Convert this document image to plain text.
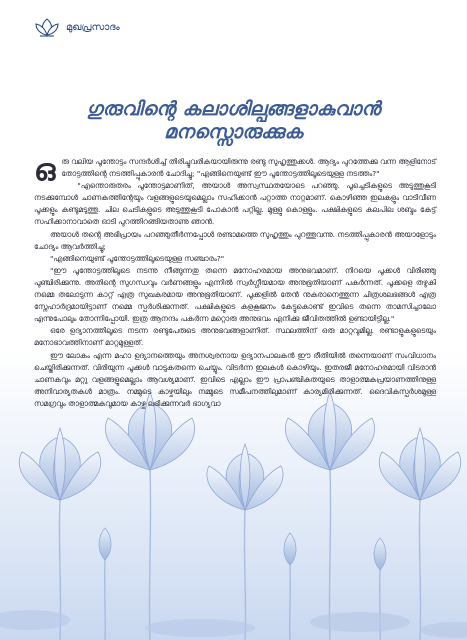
മുഖപ്രസാദം
ഗുരുവിന്റെ കലാശില്പങ്ങളാകുവാൻ
മനസ്സൊരുക്കുക

ഒരു വലിയ പൂന്തോട്ടം സന്ദർശിച്ച് തിരിച്ചുവരികയായിരുന്നു രണ്ടു സുഹൃത്തുക്കൾ. ആദ്യം പുറത്തേക്കു വന്ന ആളിനോട് തോട്ടത്തിന്റെ നടത്തിപ്പുകാരൻ ചോദിച്ചു; "എങ്ങിനെയുണ്ട് ഈ പൂന്തോട്ടത്തിലൂടെയുള്ള നടത്തം?"

"എന്തൊരുതരം പൂന്തോട്ടമാണിത്, അയാൾ അസ്വസ്ഥതയോടെ പറഞ്ഞു. പൂച്ചെടികളുടെ അടുത്തുകൂടി നടക്കുമ്പോൾ ചാണകത്തിന്റേയും വളങ്ങളുടെയുമെല്ലാം സഹിക്കാൻ പറ്റാത്ത നാറ്റമാണ്. കൊഴിഞ്ഞ ഇലകളും വാടിവീണ പൂക്കളും കണ്ടുമടുത്തു. ചില ചെടികളുടെ അടുത്തുകൂടി പോകാൻ പറ്റില്ല. മുള്ളു കൊള്ളും. പക്ഷികളുടെ കലപില ശബ്ദം കേട്ട് സഹിക്കാനാവാതെ ഓടി പുറത്തിറങ്ങിയതാണു ഞാൻ.

അയാൾ തന്റെ അഭിപ്രായം പറഞ്ഞുതീർന്നപ്പോൾ രണ്ടാമത്തെ സുഹൃത്തും പുറത്തുവന്നു. നടത്തിപ്പുകാരൻ അയാളോടും ചോദ്യം ആവർത്തിച്ചു;

"എങ്ങിനെയുണ്ട് പൂന്തോട്ടത്തിലൂടെയുള്ള സഞ്ചാരം?"

"ഈ പൂന്തോട്ടത്തിലൂടെ നടന്നു നീങ്ങുന്നതു തന്നെ മനോഹരമായ അനുഭവമാണ്. നിറയെ പൂക്കൾ വിരിഞ്ഞു പുഞ്ചിരിക്കുന്നു. അതിന്റെ സുഗന്ധവും വർണങ്ങളും എന്നിൽ സ്വർഗ്ഗീയമായ അനുഭൂതിയാണ് പകർന്നത്. പൂക്കളെ തഴുകി നമ്മെ തലോടുന്ന കാറ്റ് എത്ര സുഖകരമായ അനുഭൂതിയാണ്. പൂക്കളിൽ തേൻ നുകരാനെത്തുന്ന ചിത്രശലഭങ്ങൾ എത്ര സ്നേഹാർദ്രമായിട്ടാണ് നമ്മെ സ്പർശിക്കുന്നത്. പക്ഷികളുടെ കളകൂജനം കേട്ടുകൊണ്ട് ഇവിടെ തന്നെ താമസിച്ചാലോ എന്നുപോലും തോന്നിപ്പോയി. ഇത്ര ആനന്ദം പകർന്ന മറ്റൊരു അനുഭവം എനിക്കു ജീവിതത്തിൽ ഉണ്ടായിട്ടില്ല."

ഒരേ ഉദ്യാനത്തിലൂടെ നടന്ന രണ്ടുപേരുടെ അനുഭവങ്ങളാണിത്. സ്ഥലത്തിന് ഒരു മാറ്റവുമില്ല. രണ്ടാളുകളുടെയും മനോഭാവത്തിനാണ് മാറ്റമുള്ളത്.

ഈ ലോകം എന്ന മഹാ ഉദ്യാനത്തെയും അനശ്വരനായ ഉദ്യാനപാലകൻ ഈ രീതിയിൽ തന്നെയാണ് സംവിധാനം ചെയ്തിരിക്കുന്നത്. വിരിയുന്ന പൂക്കൾ വാടുകതന്നെ ചെയ്യും. വിടർന്ന ഇലകൾ കൊഴിയും. ഇതരജീ മനോഹരമായി വിടരാൻ ചാണകവും മറ്റു വളങ്ങളുമെല്ലാം ആവശ്യമാണ്. ഇവിടെ എല്ലാം ഈ പ്രാപഞ്ചികതയുടെ താളാത്മകപ്രയാണത്തിനുള്ള അനിവാര്യതകൾ മാത്രം. നമ്മുടെ കാഴ്ചയിലും നമ്മുടെ സമീപനത്തിലുമാണ് കാര്യമിരിക്കുന്നത്. ദൈവികസ്പർശമുള്ള സമഗ്രവും താളാത്മകവുമായ കാഴ്ച ലഭിക്കുന്നവർ ഭാഗ്യവാ
